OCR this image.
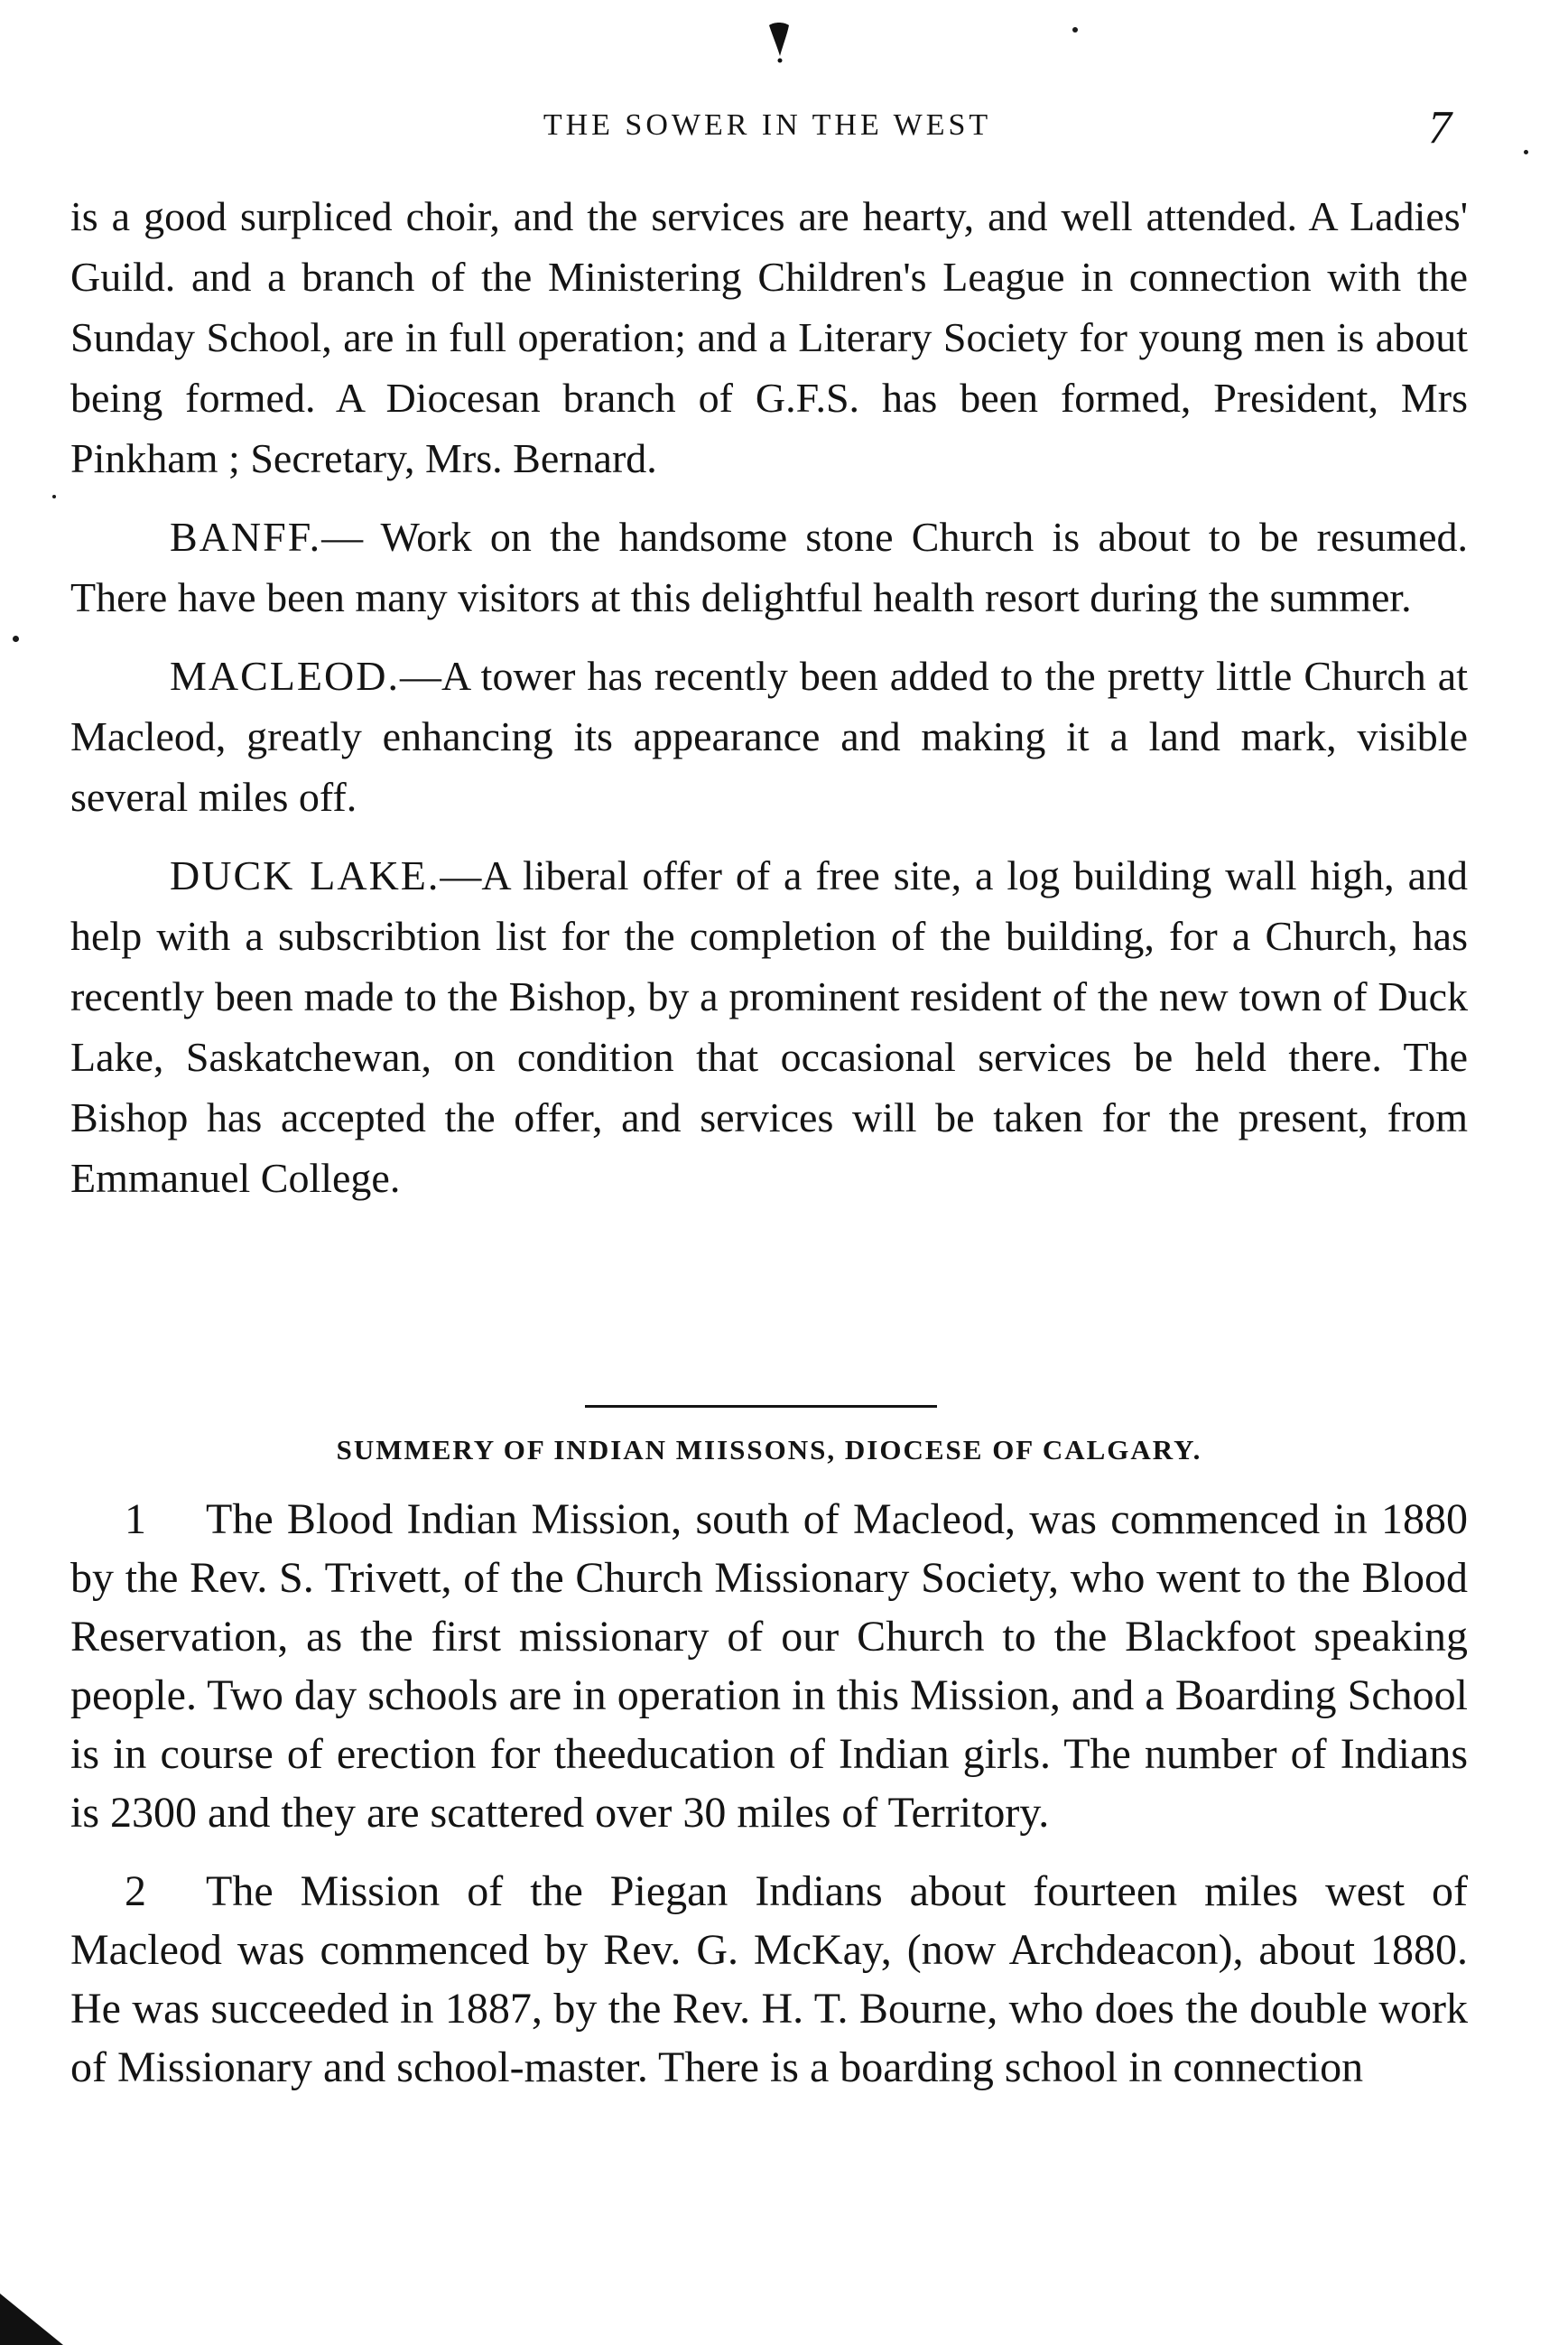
THE SOWER IN THE WEST	7

is a good surpliced choir, and the services are hearty, and well attended. A Ladies' Guild. and a branch of the Ministering Children's League in connection with the Sunday School, are in full operation; and a Literary Society for young men is about being formed. A Diocesan branch of G.F.S. has been formed, President, Mrs Pinkham ; Secretary, Mrs. Bernard.

BANFF.— Work on the handsome stone Church is about to be resumed. There have been many visitors at this delightful health resort during the summer.

MACLEOD.—A tower has recently been added to the pretty little Church at Macleod, greatly enhancing its appearance and making it a land mark, visible several miles off.

DUCK LAKE.—A liberal offer of a free site, a log building wall high, and help with a subscribtion list for the completion of the building, for a Church, has recently been made to the Bishop, by a prominent resident of the new town of Duck Lake, Saskatchewan, on condition that occasional services be held there. The Bishop has accepted the offer, and services will be taken for the present, from Emmanuel College.

SUMMERY OF INDIAN MIISSONS, DIOCESE OF CALGARY.

1 The Blood Indian Mission, south of Macleod, was commenced in 1880 by the Rev. S. Trivett, of the Church Missionary Society, who went to the Blood Reservation, as the first missionary of our Church to the Blackfoot speaking people. Two day schools are in operation in this Mission, and a Boarding School is in course of erection for theeducation of Indian girls. The number of Indians is 2300 and they are scattered over 30 miles of Territory.

2 The Mission of the Piegan Indians about fourteen miles west of Macleod was commenced by Rev. G. McKay, (now Archdeacon), about 1880. He was succeeded in 1887, by the Rev. H. T. Bourne, who does the double work of Missionary and school-master. There is a boarding school in connection
